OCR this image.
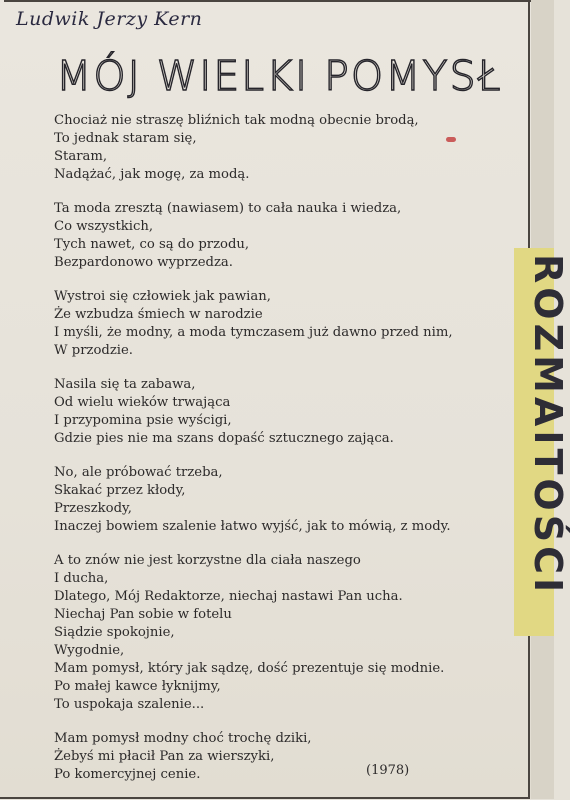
Ludwik Jerzy Kern
MÓJ WIELKI POMYSŁ
Chociaż nie straszę bliźnich tak modną obecnie brodą,
To jednak staram się,
Staram,
Nadążać, jak mogę, za modą.
Ta moda zresztą (nawiasem) to cała nauka i wiedza,
Co wszystkich,
Tych nawet, co są do przodu,
Bezpardonowo wyprzedza.
Wystroi się człowiek jak pawian,
Że wzbudza śmiech w narodzie
I myśli, że modny, a moda tymczasem już dawno przed nim,
W przodzie.
Nasila się ta zabawa,
Od wielu wieków trwająca
I przypomina psie wyścigi,
Gdzie pies nie ma szans dopaść sztucznego zająca.
No, ale próbować trzeba,
Skakać przez kłody,
Przeszkody,
Inaczej bowiem szalenie łatwo wyjść, jak to mówią, z mody.
A to znów nie jest korzystne dla ciała naszego
I ducha,
Dlatego, Mój Redaktorze, niechaj nastawi Pan ucha.
Niechaj Pan sobie w fotelu
Siądzie spokojnie,
Wygodnie,
Mam pomysł, który jak sądzę, dość prezentuje się modnie.
Po małej kawce łyknijmy,
To uspokaja szalenie...
Mam pomysł modny choć trochę dziki,
Żebyś mi płacił Pan za wierszyki,
Po komercyjnej cenie.	(1978)
ROZMAITOŚCI
